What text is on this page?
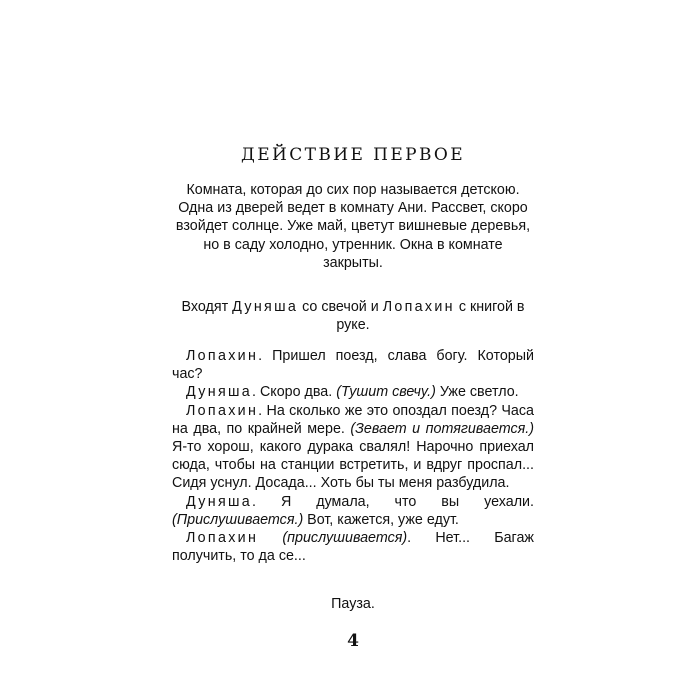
ДЕЙСТВИЕ ПЕРВОЕ

Комната, которая до сих пор называется детскою. Одна из дверей ведет в комнату Ани. Рассвет, скоро взойдет солнце. Уже май, цветут вишневые деревья, но в саду холодно, утренник. Окна в комнате закрыты.

Входят Дуняша со свечой и Лопахин с книгой в руке.

Лопахин. Пришел поезд, слава богу. Который час?

Дуняша. Скоро два. (Тушит свечу.) Уже светло.

Лопахин. На сколько же это опоздал поезд? Часа на два, по крайней мере. (Зевает и потягивается.) Я-то хорош, какого дурака свалял! Нарочно приехал сюда, чтобы на станции встретить, и вдруг проспал... Сидя уснул. Досада... Хоть бы ты меня разбудила.

Дуняша. Я думала, что вы уехали. (Прислушивается.) Вот, кажется, уже едут.

Лопахин (прислушивается). Нет... Багаж получить, то да се...

Пауза.
4
